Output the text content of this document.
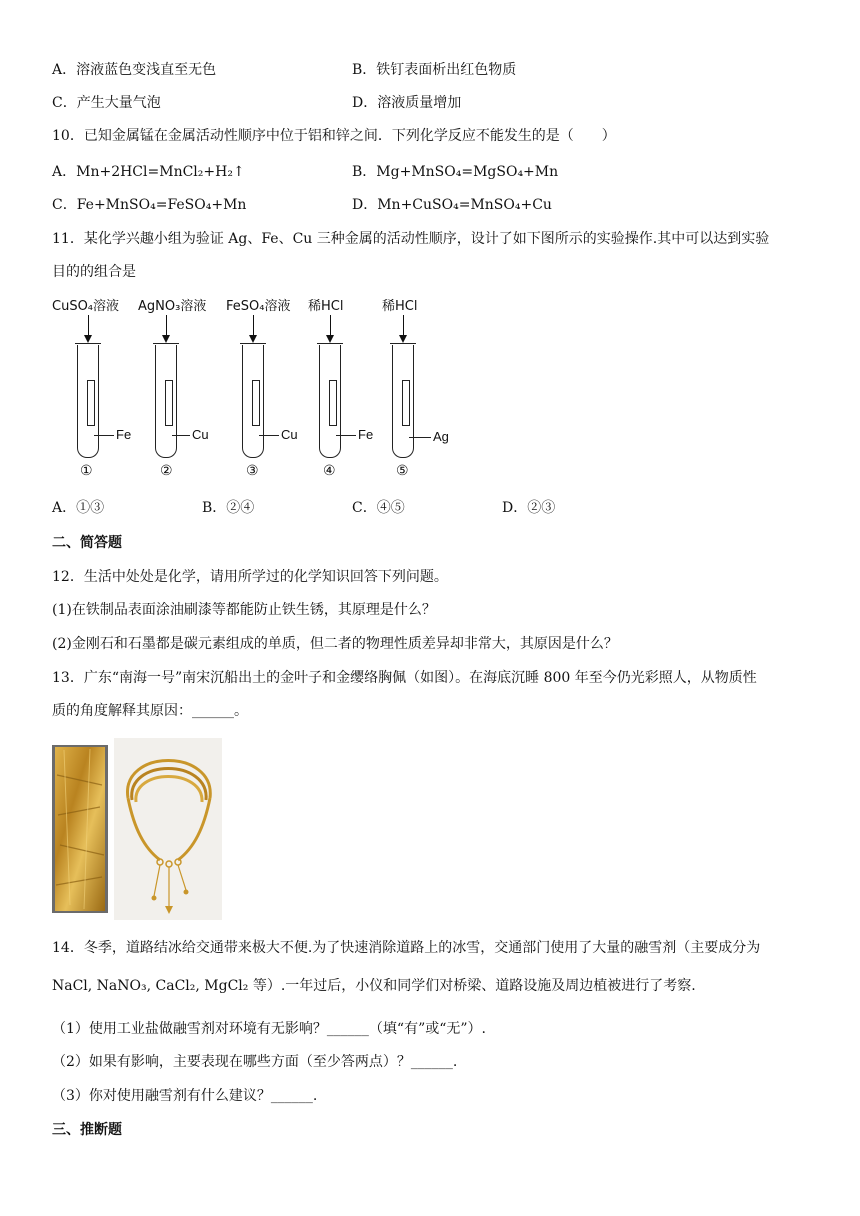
A．溶液蓝色变浅直至无色	B．铁钉表面析出红色物质
C．产生大量气泡	D．溶液质量增加
10．已知金属锰在金属活动性顺序中位于铝和锌之间．下列化学反应不能发生的是（　　）
A．Mn+2HCl=MnCl₂+H₂↑	B．Mg+MnSO₄=MgSO₄+Mn
C．Fe+MnSO₄=FeSO₄+Mn	D．Mn+CuSO₄=MnSO₄+Cu
11．某化学兴趣小组为验证 Ag、Fe、Cu 三种金属的活动性顺序，设计了如下图所示的实验操作.其中可以达到实验
目的的组合是
CuSO₄溶液
Fe
①
AgNO₃溶液
Cu
②
FeSO₄溶液
Cu
③
稀HCl
Fe
④
稀HCl
Ag
⑤
A．①③	B．②④	C．④⑤	D．②③
二、简答题
12．生活中处处是化学，请用所学过的化学知识回答下列问题。
(1)在铁制品表面涂油刷漆等都能防止铁生锈，其原理是什么？
(2)金刚石和石墨都是碳元素组成的单质，但二者的物理性质差异却非常大，其原因是什么？
13．广东“南海一号”南宋沉船出土的金叶子和金缨络胸佩（如图）。在海底沉睡 800 年至今仍光彩照人，从物质性
质的角度解释其原因：______。
14．冬季，道路结冰给交通带来极大不便.为了快速消除道路上的冰雪，交通部门使用了大量的融雪剂（主要成分为
NaCl, NaNO₃, CaCl₂, MgCl₂ 等）.一年过后，小仪和同学们对桥梁、道路设施及周边植被进行了考察.
（1）使用工业盐做融雪剂对环境有无影响？______（填“有”或“无”）.
（2）如果有影响，主要表现在哪些方面（至少答两点）？______.
（3）你对使用融雪剂有什么建议？______.
三、推断题
